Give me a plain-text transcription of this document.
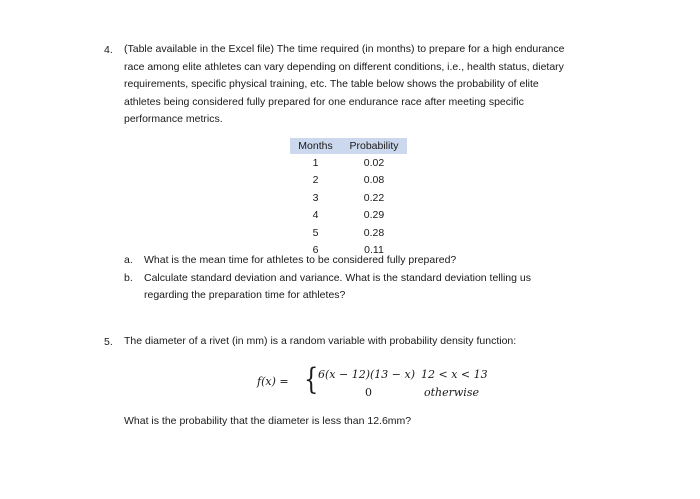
4. (Table available in the Excel file) The time required (in months) to prepare for a high endurance
race among elite athletes can vary depending on different conditions, i.e., health status, dietary
requirements, specific physical training, etc. The table below shows the probability of elite
athletes being considered fully prepared for one endurance race after meeting specific
performance metrics.
Months	Probability
1	0.02
2	0.08
3	0.22
4	0.29
5	0.28
6	0.11
a. What is the mean time for athletes to be considered fully prepared?
b. Calculate standard deviation and variance. What is the standard deviation telling us
regarding the preparation time for athletes?
5. The diameter of a rivet (in mm) is a random variable with probability density function:
f(x) = { 6(x − 12)(13 − x) 12 < x < 13
0	otherwise
What is the probability that the diameter is less than 12.6mm?
